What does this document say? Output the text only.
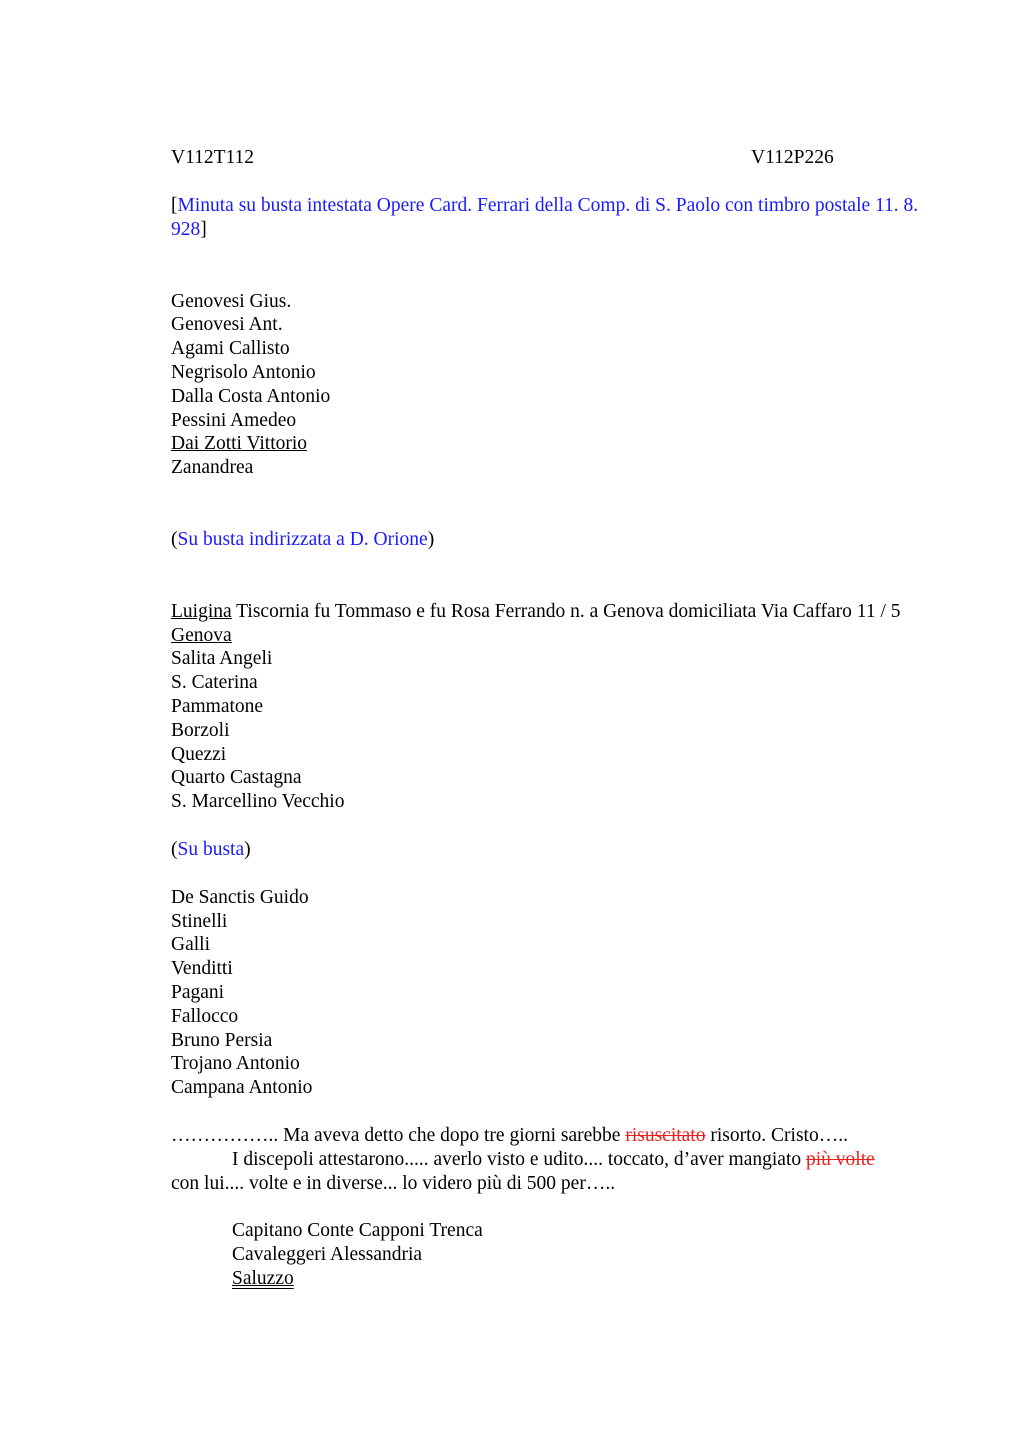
V112T112	V112P226
[Minuta su busta intestata Opere Card. Ferrari della Comp. di S. Paolo con timbro postale 11. 8. 928]
Genovesi Gius.
Genovesi Ant.
Agami Callisto
Negrisolo Antonio
Dalla Costa Antonio
Pessini Amedeo
Dai Zotti Vittorio
Zanandrea
(Su busta indirizzata a D. Orione)
Luigina Tiscornia fu Tommaso e fu Rosa Ferrando n. a Genova domiciliata Via Caffaro 11 / 5 Genova
Salita Angeli
S. Caterina
Pammatone
Borzoli
Quezzi
Quarto Castagna
S. Marcellino Vecchio
(Su busta)
De Sanctis Guido
Stinelli
Galli
Venditti
Pagani
Fallocco
Bruno Persia
Trojano Antonio
Campana Antonio
…………….. Ma aveva detto che dopo tre giorni sarebbe risuscitato risorto. Cristo…..
I discepoli attestarono..... averlo visto e udito.... toccato, d’aver mangiato più volte
con lui.... volte e in diverse... lo videro più di 500 per…..
Capitano Conte Capponi Trenca
Cavaleggeri Alessandria
Saluzzo
